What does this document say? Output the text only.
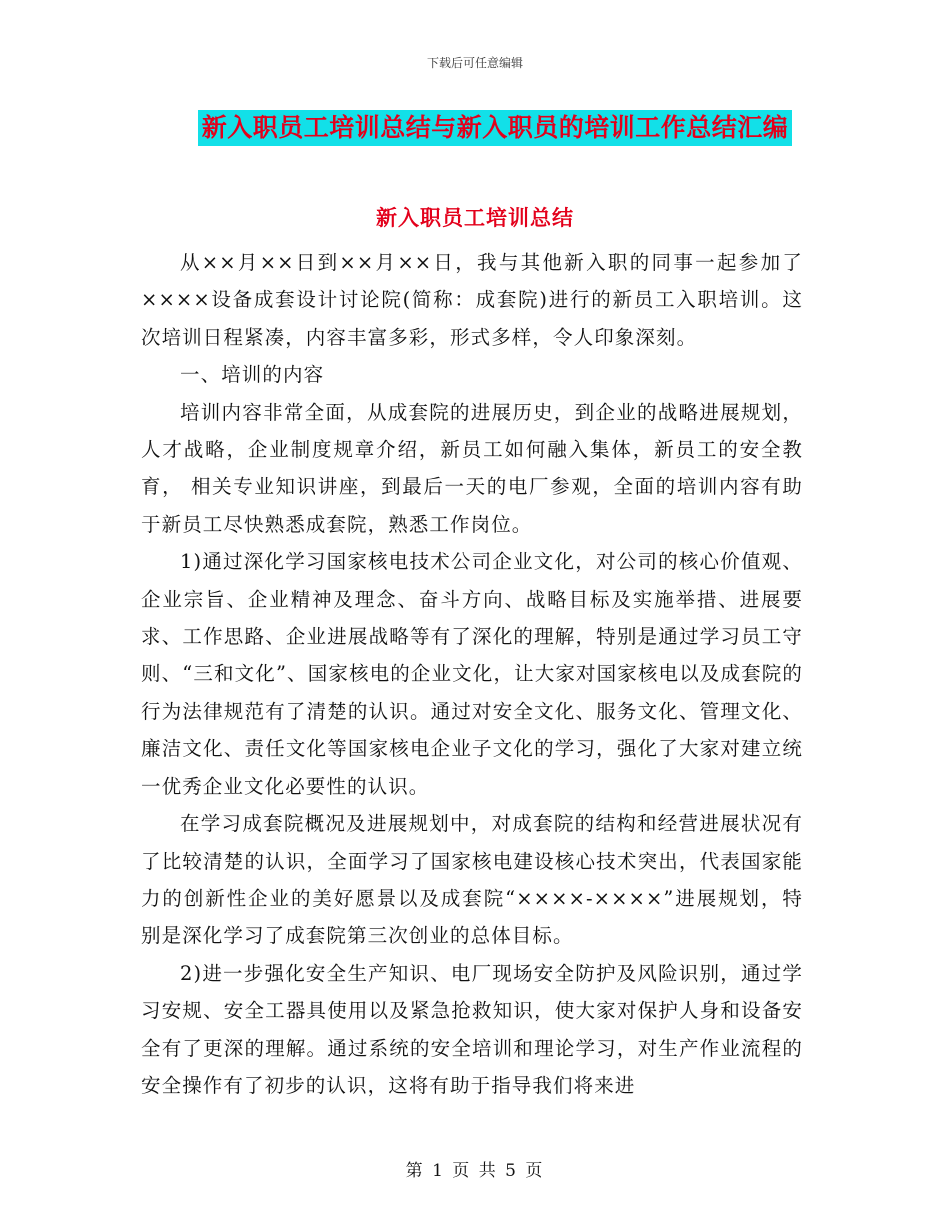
下载后可任意编辑
新入职员工培训总结与新入职员的培训工作总结汇编
新入职员工培训总结

从××月××日到××月××日，我与其他新入职的同事一起参加了××××设备成套设计讨论院(简称：成套院)进行的新员工入职培训。这次培训日程紧凑，内容丰富多彩，形式多样，令人印象深刻。

一、培训的内容

培训内容非常全面，从成套院的进展历史，到企业的战略进展规划，人才战略，企业制度规章介绍，新员工如何融入集体，新员工的安全教育， 相关专业知识讲座，到最后一天的电厂参观，全面的培训内容有助于新员工尽快熟悉成套院，熟悉工作岗位。

1)通过深化学习国家核电技术公司企业文化，对公司的核心价值观、企业宗旨、企业精神及理念、奋斗方向、战略目标及实施举措、进展要求、工作思路、企业进展战略等有了深化的理解，特别是通过学习员工守则、“三和文化”、国家核电的企业文化，让大家对国家核电以及成套院的行为法律规范有了清楚的认识。通过对安全文化、服务文化、管理文化、廉洁文化、责任文化等国家核电企业子文化的学习，强化了大家对建立统一优秀企业文化必要性的认识。

在学习成套院概况及进展规划中，对成套院的结构和经营进展状况有了比较清楚的认识，全面学习了国家核电建设核心技术突出，代表国家能力的创新性企业的美好愿景以及成套院“××××-××××”进展规划，特别是深化学习了成套院第三次创业的总体目标。

2)进一步强化安全生产知识、电厂现场安全防护及风险识别，通过学习安规、安全工器具使用以及紧急抢救知识，使大家对保护人身和设备安全有了更深的理解。通过系统的安全培训和理论学习，对生产作业流程的安全操作有了初步的认识，这将有助于指导我们将来进

第 1 页 共 5 页
